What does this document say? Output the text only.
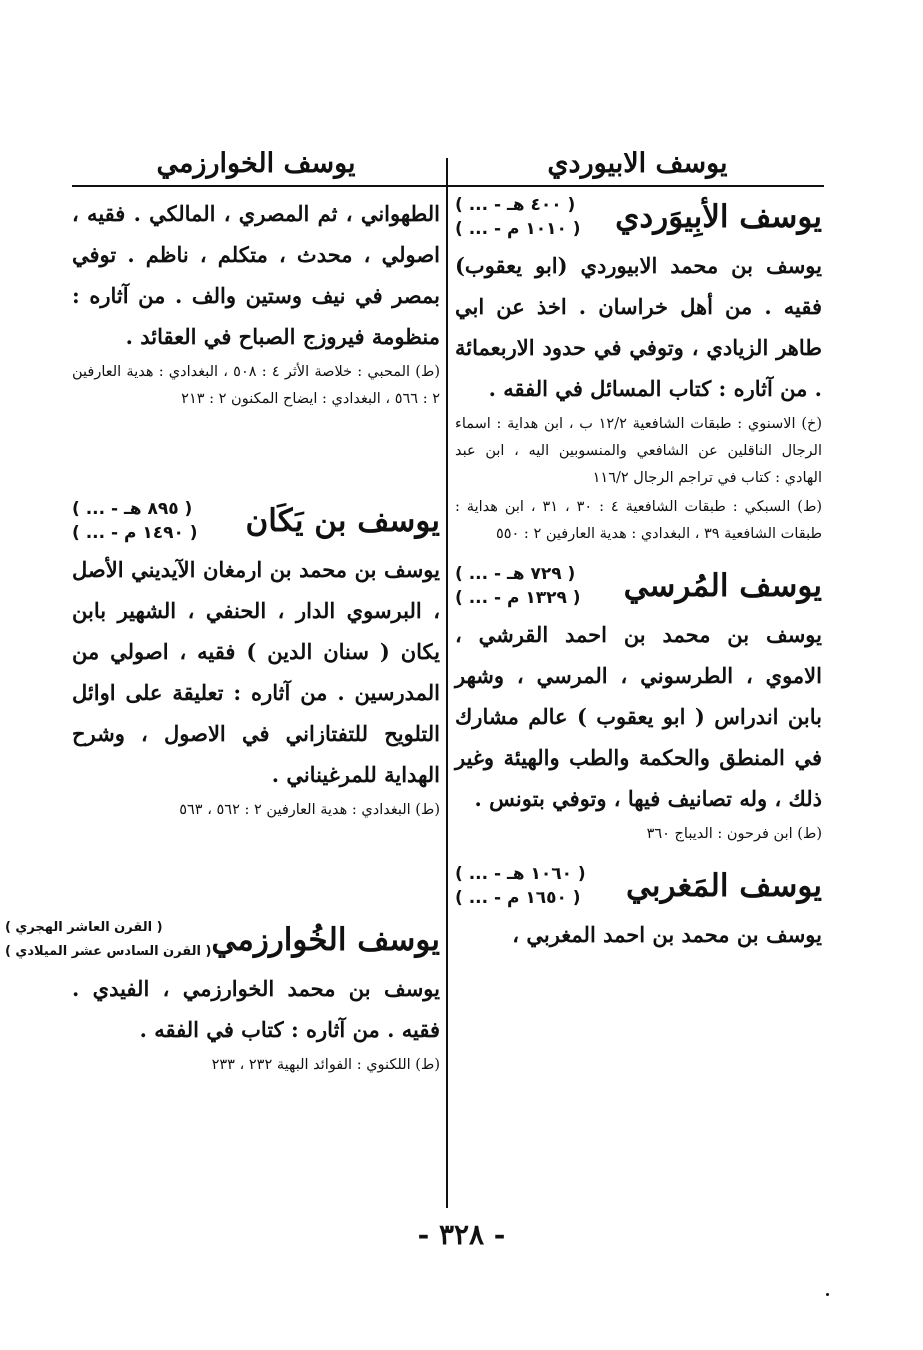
يوسف الابيوردي
يوسف الخوارزمي
يوسف الأبِيوَردي
( ... - ٤٠٠ هـ )
( ... - ١٠١٠ م )
يوسف بن محمد الابيوردي (ابو يعقوب) فقيه . من أهل خراسان . اخذ عن ابي طاهر الزيادي ، وتوفي في حدود الاربعمائة . من آثاره : كتاب المسائل في الفقه .
(خ) الاسنوي : طبقات الشافعية ١٢/٢ ب ، ابن هداية : اسماء الرجال الناقلين عن الشافعي والمنسوبين اليه ، ابن عبد الهادي : كتاب في تراجم الرجال ١١٦/٢
(ط) السبكي : طبقات الشافعية ٤ : ٣٠ ، ٣١ ، ابن هداية : طبقات الشافعية ٣٩ ، البغدادي : هدية العارفين ٢ : ٥٥٠
يوسف المُرسي
( ... - ٧٢٩ هـ )
( ... - ١٣٢٩ م )
يوسف بن محمد بن احمد القرشي ، الاموي ، الطرسوني ، المرسي ، وشهر بابن اندراس ( ابو يعقوب ) عالم مشارك في المنطق والحكمة والطب والهيئة وغير ذلك ، وله تصانيف فيها ، وتوفي بتونس .
(ط) ابن فرحون : الديباج ٣٦٠
يوسف المَغربي
( ... - ١٠٦٠ هـ )
( ... - ١٦٥٠ م )
يوسف بن محمد بن احمد المغربي ،
الطهواني ، ثم المصري ، المالكي . فقيه ، اصولي ، محدث ، متكلم ، ناظم . توفي بمصر في نيف وستين والف . من آثاره : منظومة فيروزج الصباح في العقائد .
(ط) المحبي : خلاصة الأثر ٤ : ٥٠٨ ، البغدادي : هدية العارفين ٢ : ٥٦٦ ، البغدادي : ايضاح المكنون ٢ : ٢١٣
يوسف بن يَكَان
( ... - ٨٩٥ هـ )
( ... - ١٤٩٠ م )
يوسف بن محمد بن ارمغان الآيديني الأصل ، البرسوي الدار ، الحنفي ، الشهير بابن يكان ( سنان الدين ) فقيه ، اصولي من المدرسين . من آثاره : تعليقة على اوائل التلويح للتفتازاني في الاصول ، وشرح الهداية للمرغيناني .
(ط) البغدادي : هدية العارفين ٢ : ٥٦٢ ، ٥٦٣
يوسف الخُوارزمي
( القرن العاشر الهجري )
( القرن السادس عشر الميلادي )
يوسف بن محمد الخوارزمي ، الفيدي . فقيه . من آثاره : كتاب في الفقه .
(ط) اللكنوي : الفوائد البهية ٢٣٢ ، ٢٣٣
- ٣٢٨ -
